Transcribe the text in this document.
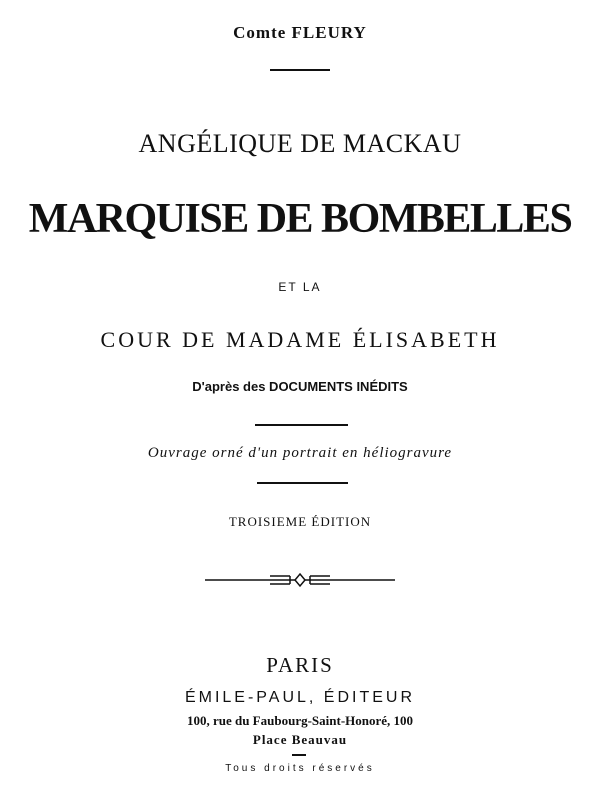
Comte FLEURY
ANGÉLIQUE DE MACKAU
MARQUISE DE BOMBELLES
ET LA
COUR DE MADAME ÉLISABETH
D'après des DOCUMENTS INÉDITS
Ouvrage orné d'un portrait en héliogravure
TROISIEME ÉDITION
PARIS
ÉMILE-PAUL, ÉDITEUR
100, rue du Faubourg-Saint-Honoré, 100
Place Beauvau
Tous droits réservés
